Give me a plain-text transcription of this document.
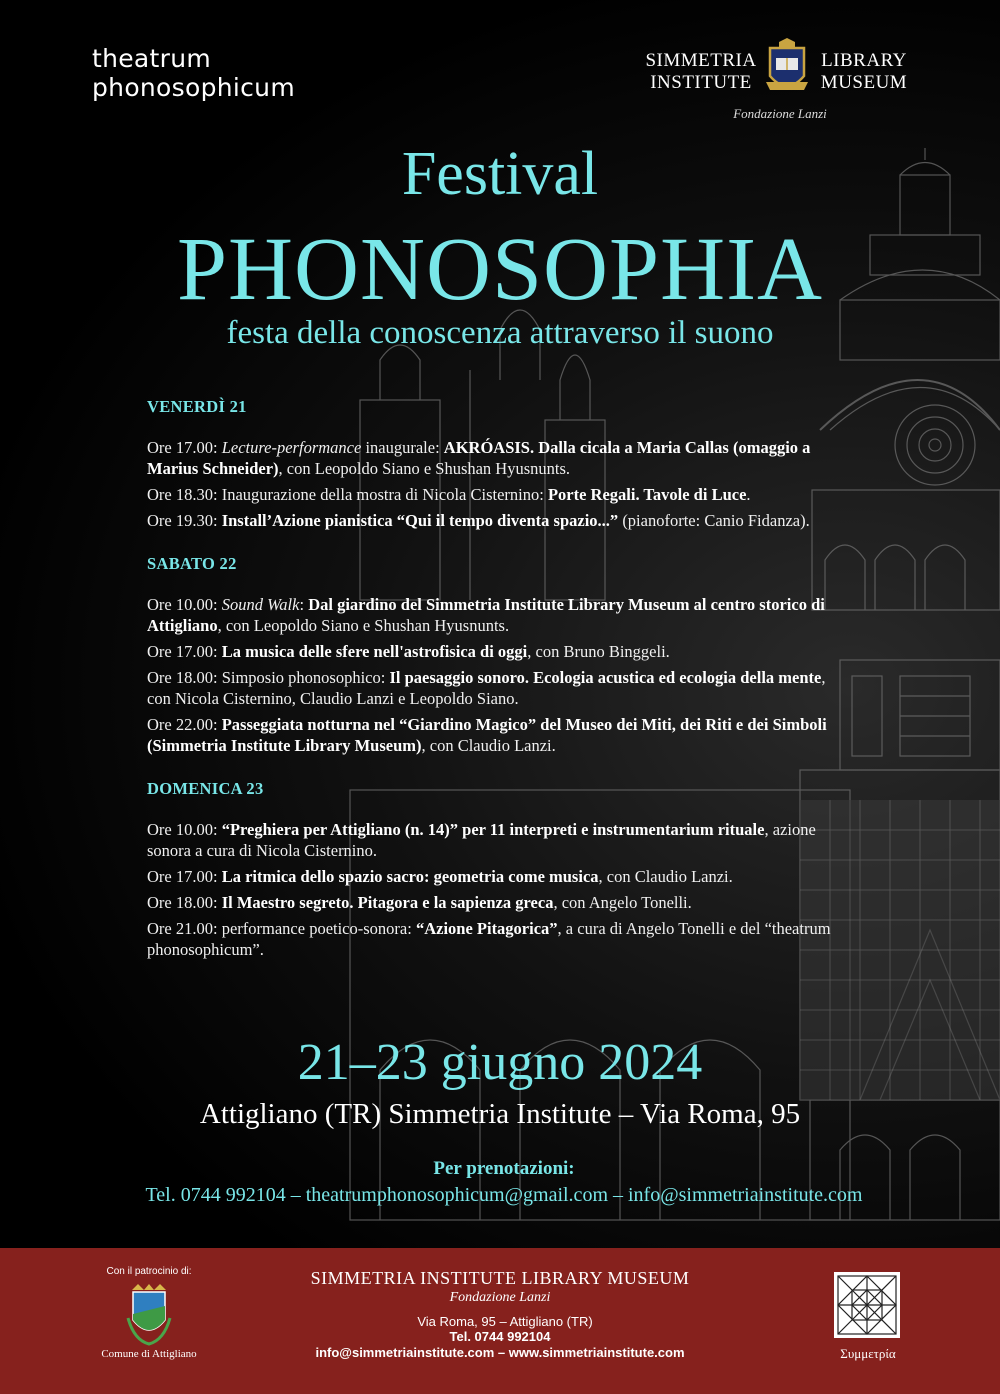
theatrum
phonosophicum
SIMMETRIA
INSTITUTE
LIBRARY
MUSEUM
Fondazione Lanzi
Festival
PHONOSOPHIA
festa della conoscenza attraverso il suono
VENERDÌ 21
Ore 17.00: Lecture-performance inaugurale: AKRÓASIS. Dalla cicala a Maria Callas (omaggio a Marius Schneider), con Leopoldo Siano e Shushan Hyusnunts.
Ore 18.30: Inaugurazione della mostra di Nicola Cisternino: Porte Regali. Tavole di Luce.
Ore 19.30: Install’Azione pianistica “Qui il tempo diventa spazio...” (pianoforte: Canio Fidanza).
SABATO 22
Ore 10.00: Sound Walk: Dal giardino del Simmetria Institute Library Museum al centro storico di Attigliano, con Leopoldo Siano e Shushan Hyusnunts.
Ore 17.00: La musica delle sfere nell'astrofisica di oggi, con Bruno Binggeli.
Ore 18.00: Simposio phonosophico: Il paesaggio sonoro. Ecologia acustica ed ecologia della mente, con Nicola Cisternino, Claudio Lanzi e Leopoldo Siano.
Ore 22.00: Passeggiata notturna nel “Giardino Magico” del Museo dei Miti, dei Riti e dei Simboli (Simmetria Institute Library Museum), con Claudio Lanzi.
DOMENICA 23
Ore 10.00: “Preghiera per Attigliano (n. 14)” per 11 interpreti e instrumentarium rituale, azione sonora a cura di Nicola Cisternino.
Ore 17.00: La ritmica dello spazio sacro: geometria come musica, con Claudio Lanzi.
Ore 18.00: Il Maestro segreto. Pitagora e la sapienza greca, con Angelo Tonelli.
Ore 21.00: performance poetico-sonora: “Azione Pitagorica”, a cura di Angelo Tonelli e del “theatrum phonosophicum”.
21–23 giugno 2024
Attigliano (TR) Simmetria Institute – Via Roma, 95
Per prenotazioni:
Tel. 0744 992104 – theatrumphonosophicum@gmail.com – info@simmetriainstitute.com
Con il patrocinio di:
Comune di Attigliano
SIMMETRIA INSTITUTE LIBRARY MUSEUM
Fondazione Lanzi
Via Roma, 95 – Attigliano (TR)
Tel. 0744 992104
info@simmetriainstitute.com – www.simmetriainstitute.com	Συμμετρία
